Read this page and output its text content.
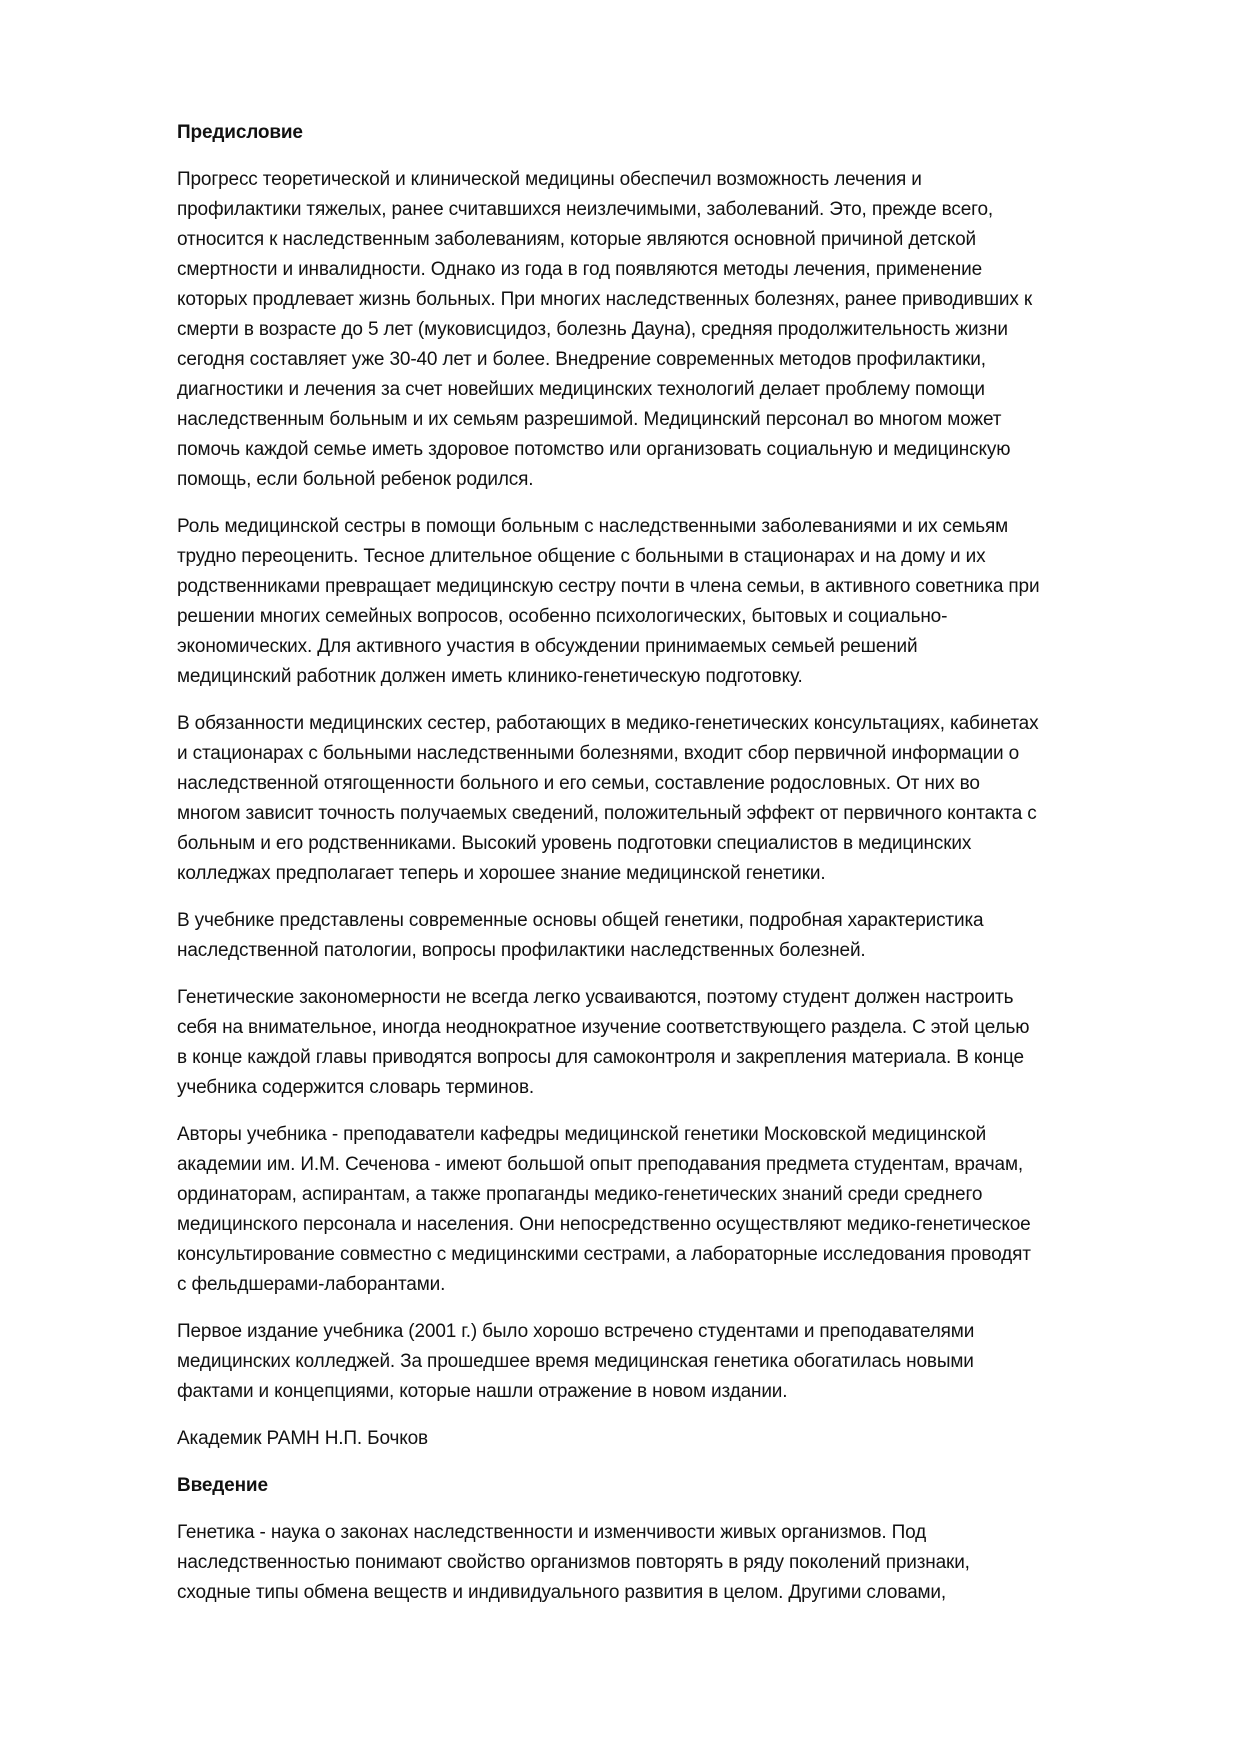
Предисловие
Прогресс теоретической и клинической медицины обеспечил возможность лечения и
профилактики тяжелых, ранее считавшихся неизлечимыми, заболеваний. Это, прежде всего,
относится к наследственным заболеваниям, которые являются основной причиной детской
смертности и инвалидности. Однако из года в год появляются методы лечения, применение
которых продлевает жизнь больных. При многих наследственных болезнях, ранее приводивших к
смерти в возрасте до 5 лет (муковисцидоз, болезнь Дауна), средняя продолжительность жизни
сегодня составляет уже 30-40 лет и более. Внедрение современных методов профилактики,
диагностики и лечения за счет новейших медицинских технологий делает проблему помощи
наследственным больным и их семьям разрешимой. Медицинский персонал во многом может
помочь каждой семье иметь здоровое потомство или организовать социальную и медицинскую
помощь, если больной ребенок родился.
Роль медицинской сестры в помощи больным с наследственными заболеваниями и их семьям
трудно переоценить. Тесное длительное общение с больными в стационарах и на дому и их
родственниками превращает медицинскую сестру почти в члена семьи, в активного советника при
решении многих семейных вопросов, особенно психологических, бытовых и социально-
экономических. Для активного участия в обсуждении принимаемых семьей решений
медицинский работник должен иметь клинико-генетическую подготовку.
В обязанности медицинских сестер, работающих в медико-генетических консультациях, кабинетах
и стационарах с больными наследственными болезнями, входит сбор первичной информации о
наследственной отягощенности больного и его семьи, составление родословных. От них во
многом зависит точность получаемых сведений, положительный эффект от первичного контакта с
больным и его родственниками. Высокий уровень подготовки специалистов в медицинских
колледжах предполагает теперь и хорошее знание медицинской генетики.
В учебнике представлены современные основы общей генетики, подробная характеристика
наследственной патологии, вопросы профилактики наследственных болезней.
Генетические закономерности не всегда легко усваиваются, поэтому студент должен настроить
себя на внимательное, иногда неоднократное изучение соответствующего раздела. С этой целью
в конце каждой главы приводятся вопросы для самоконтроля и закрепления материала. В конце
учебника содержится словарь терминов.
Авторы учебника - преподаватели кафедры медицинской генетики Московской медицинской
академии им. И.М. Сеченова - имеют большой опыт преподавания предмета студентам, врачам,
ординаторам, аспирантам, а также пропаганды медико-генетических знаний среди среднего
медицинского персонала и населения. Они непосредственно осуществляют медико-генетическое
консультирование совместно с медицинскими сестрами, а лабораторные исследования проводят
с фельдшерами-лаборантами.
Первое издание учебника (2001 г.) было хорошо встречено студентами и преподавателями
медицинских колледжей. За прошедшее время медицинская генетика обогатилась новыми
фактами и концепциями, которые нашли отражение в новом издании.
Академик РАМН Н.П. Бочков
Введение
Генетика - наука о законах наследственности и изменчивости живых организмов. Под
наследственностью понимают свойство организмов повторять в ряду поколений признаки,
сходные типы обмена веществ и индивидуального развития в целом. Другими словами,
